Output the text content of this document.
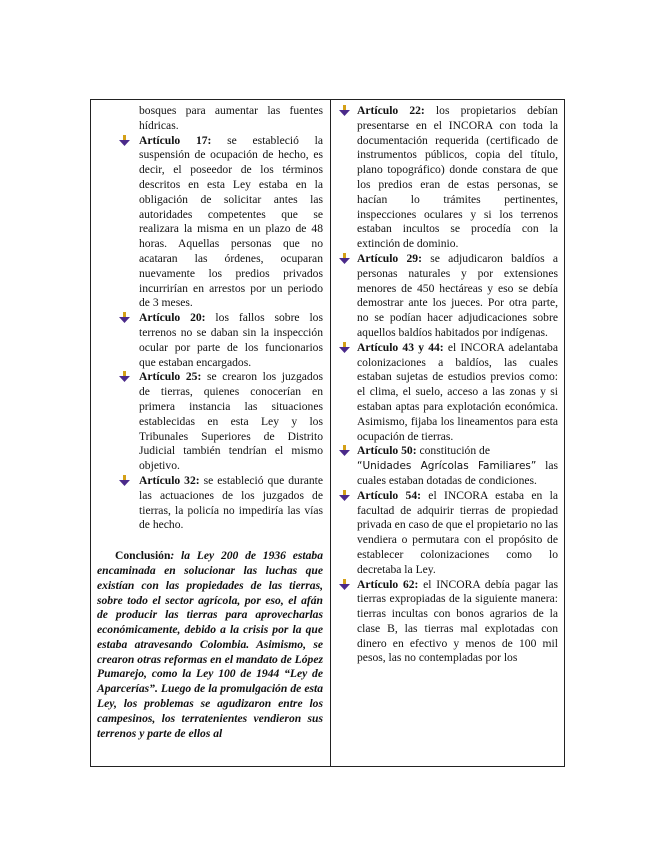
bosques para aumentar las fuentes hídricas.

Artículo 17: se estableció la suspensión de ocupación de hecho, es decir, el poseedor de los términos descritos en esta Ley estaba en la obligación de solicitar antes las autoridades competentes que se realizara la misma en un plazo de 48 horas. Aquellas personas que no acataran las órdenes, ocuparan nuevamente los predios privados incurrirían en arrestos por un periodo de 3 meses.

Artículo 20: los fallos sobre los terrenos no se daban sin la inspección ocular por parte de los funcionarios que estaban encargados.

Artículo 25: se crearon los juzgados de tierras, quienes conocerían en primera instancia las situaciones establecidas en esta Ley y los Tribunales Superiores de Distrito Judicial también tendrían el mismo objetivo.

Artículo 32: se estableció que durante las actuaciones de los juzgados de tierras, la policía no impediría las vías de hecho.

Conclusión: la Ley 200 de 1936 estaba encaminada en solucionar las luchas que existían con las propiedades de las tierras, sobre todo el sector agrícola, por eso, el afán de producir las tierras para aprovecharlas económicamente, debido a la crisis por la que estaba atravesando Colombia. Asimismo, se crearon otras reformas en el mandato de López Pumarejo, como la Ley 100 de 1944 “Ley de Aparcerías”. Luego de la promulgación de esta Ley, los problemas se agudizaron entre los campesinos, los terratenientes vendieron sus terrenos y parte de ellos al

Artículo 22: los propietarios debían presentarse en el INCORA con toda la documentación requerida (certificado de instrumentos públicos, copia del título, plano topográfico) donde constara de que los predios eran de estas personas, se hacían lo trámites pertinentes, inspecciones oculares y si los terrenos estaban incultos se procedía con la extinción de dominio.

Artículo 29: se adjudicaron baldíos a personas naturales y por extensiones menores de 450 hectáreas y eso se debía demostrar ante los jueces. Por otra parte, no se podían hacer adjudicaciones sobre aquellos baldíos habitados por indígenas.

Artículo 43 y 44: el INCORA adelantaba colonizaciones a baldíos, las cuales estaban sujetas de estudios previos como: el clima, el suelo, acceso a las zonas y si estaban aptas para explotación económica. Asimismo, fijaba los lineamentos para esta ocupación de tierras.

Artículo 50: constitución de
“Unidades Agrícolas Familiares” las cuales estaban dotadas de condiciones.

Artículo 54: el INCORA estaba en la facultad de adquirir tierras de propiedad privada en caso de que el propietario no las vendiera o permutara con el propósito de establecer colonizaciones como lo decretaba la Ley.

Artículo 62: el INCORA debía pagar las tierras expropiadas de la siguiente manera: tierras incultas con bonos agrarios de la clase B, las tierras mal explotadas con dinero en efectivo y menos de 100 mil pesos, las no contempladas por los
